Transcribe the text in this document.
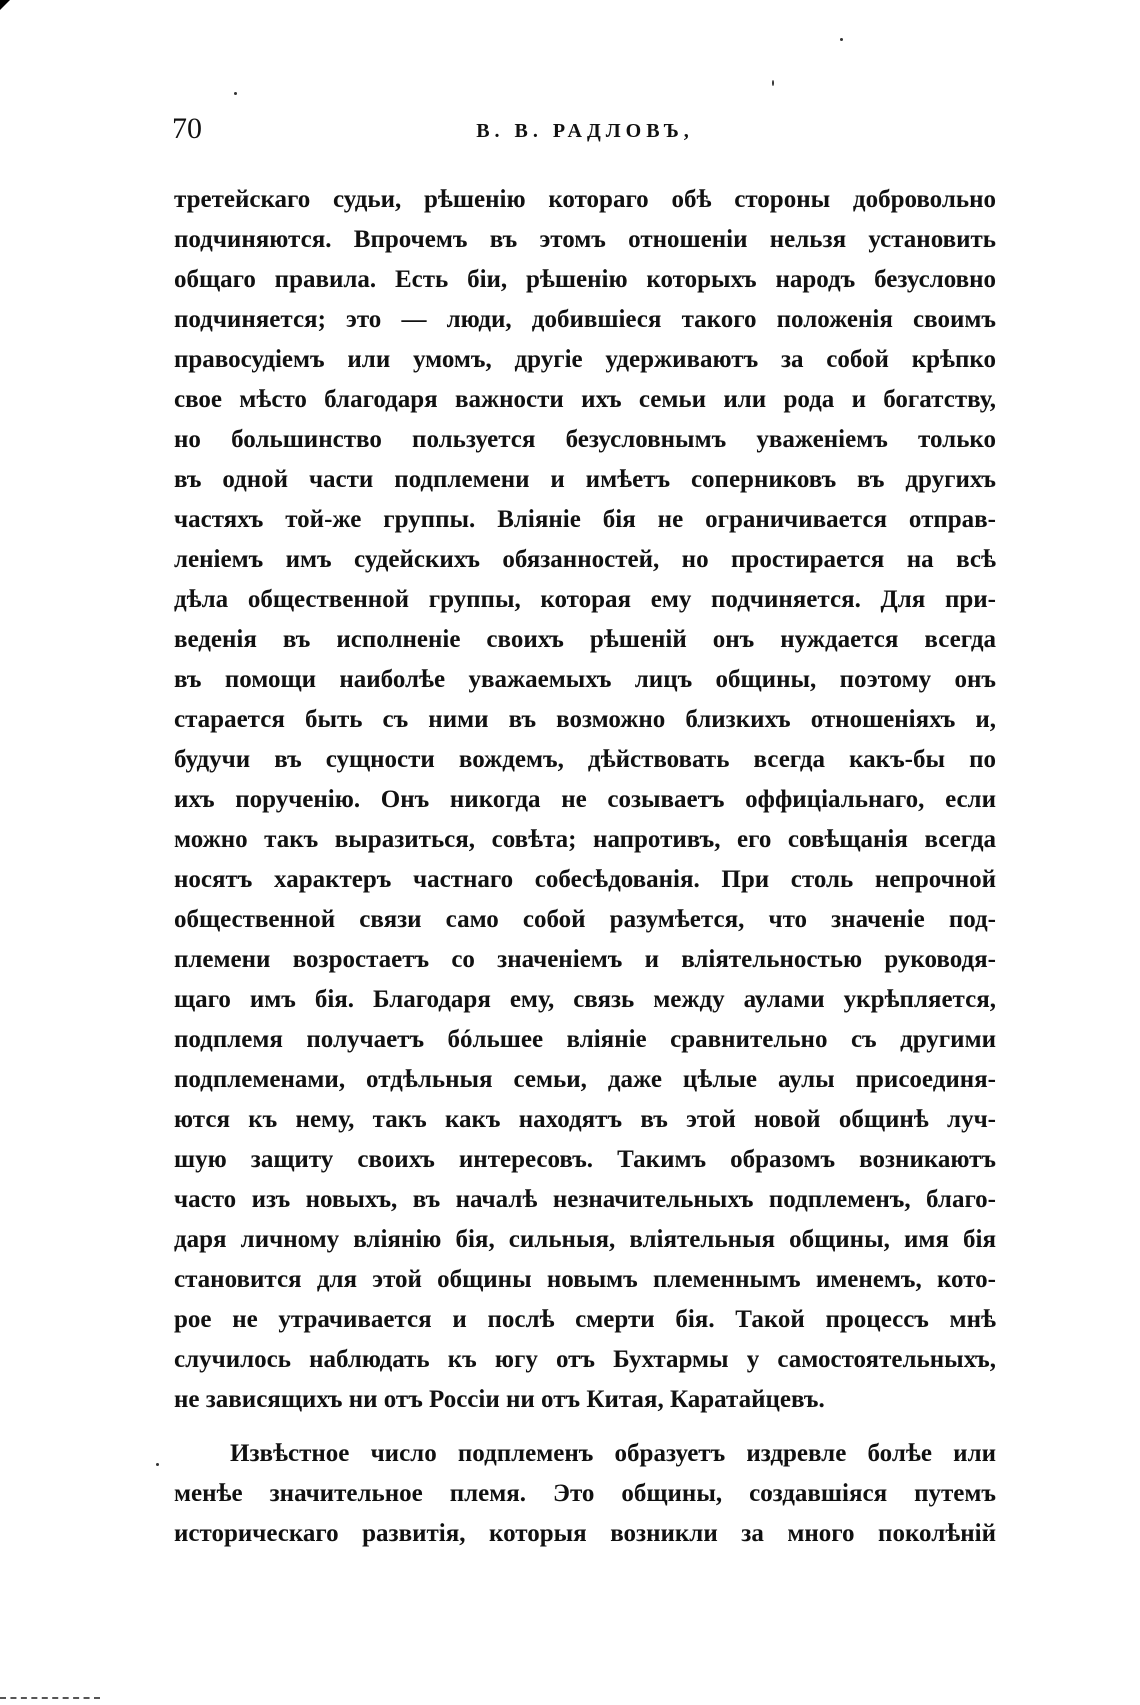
70	В. В. РАДЛОВЪ,
третейскаго судьи, рѣшенію котораго обѣ стороны добровольно
подчиняются. Впрочемъ въ этомъ отношеніи нельзя установить
общаго правила. Есть біи, рѣшенію которыхъ народъ безусловно
подчиняется; это — люди, добившіеся такого положенія своимъ
правосудіемъ или умомъ, другіе удерживаютъ за собой крѣпко
свое мѣсто благодаря важности ихъ семьи или рода и богатству,
но большинство пользуется безусловнымъ уваженіемъ только
въ одной части подплемени и имѣетъ соперниковъ въ другихъ
частяхъ той-же группы. Вліяніе бія не ограничивается отправ-
леніемъ имъ судейскихъ обязанностей, но простирается на всѣ
дѣла общественной группы, которая ему подчиняется. Для при-
веденія въ исполненіе своихъ рѣшеній онъ нуждается всегда
въ помощи наиболѣе уважаемыхъ лицъ общины, поэтому онъ
старается быть съ ними въ возможно близкихъ отношеніяхъ и,
будучи въ сущности вождемъ, дѣйствовать всегда какъ-бы по
ихъ порученію. Онъ никогда не созываетъ оффиціальнаго, если
можно такъ выразиться, совѣта; напротивъ, его совѣщанія всегда
носятъ характеръ частнаго собесѣдованія. При столь непрочной
общественной связи само собой разумѣется, что значеніе под-
племени возростаетъ со значеніемъ и вліятельностью руководя-
щаго имъ бія. Благодаря ему, связь между аулами укрѣпляется,
подплемя получаетъ бóльшее вліяніе сравнительно съ другими
подплеменами, отдѣльныя семьи, даже цѣлые аулы присоединя-
ются къ нему, такъ какъ находятъ въ этой новой общинѣ луч-
шую защиту своихъ интересовъ. Такимъ образомъ возникаютъ
часто изъ новыхъ, въ началѣ незначительныхъ подплеменъ, благо-
даря личному вліянію бія, сильныя, вліятельныя общины, имя бія
становится для этой общины новымъ племеннымъ именемъ, кото-
рое не утрачивается и послѣ смерти бія. Такой процессъ мнѣ
случилось наблюдать къ югу отъ Бухтармы у самостоятельныхъ,
не зависящихъ ни отъ Россіи ни отъ Китая, Каратайцевъ.
Извѣстное число подплеменъ образуетъ издревле болѣе или
менѣе значительное племя. Это общины, создавшіяся путемъ
историческаго развитія, которыя возникли за много поколѣній
